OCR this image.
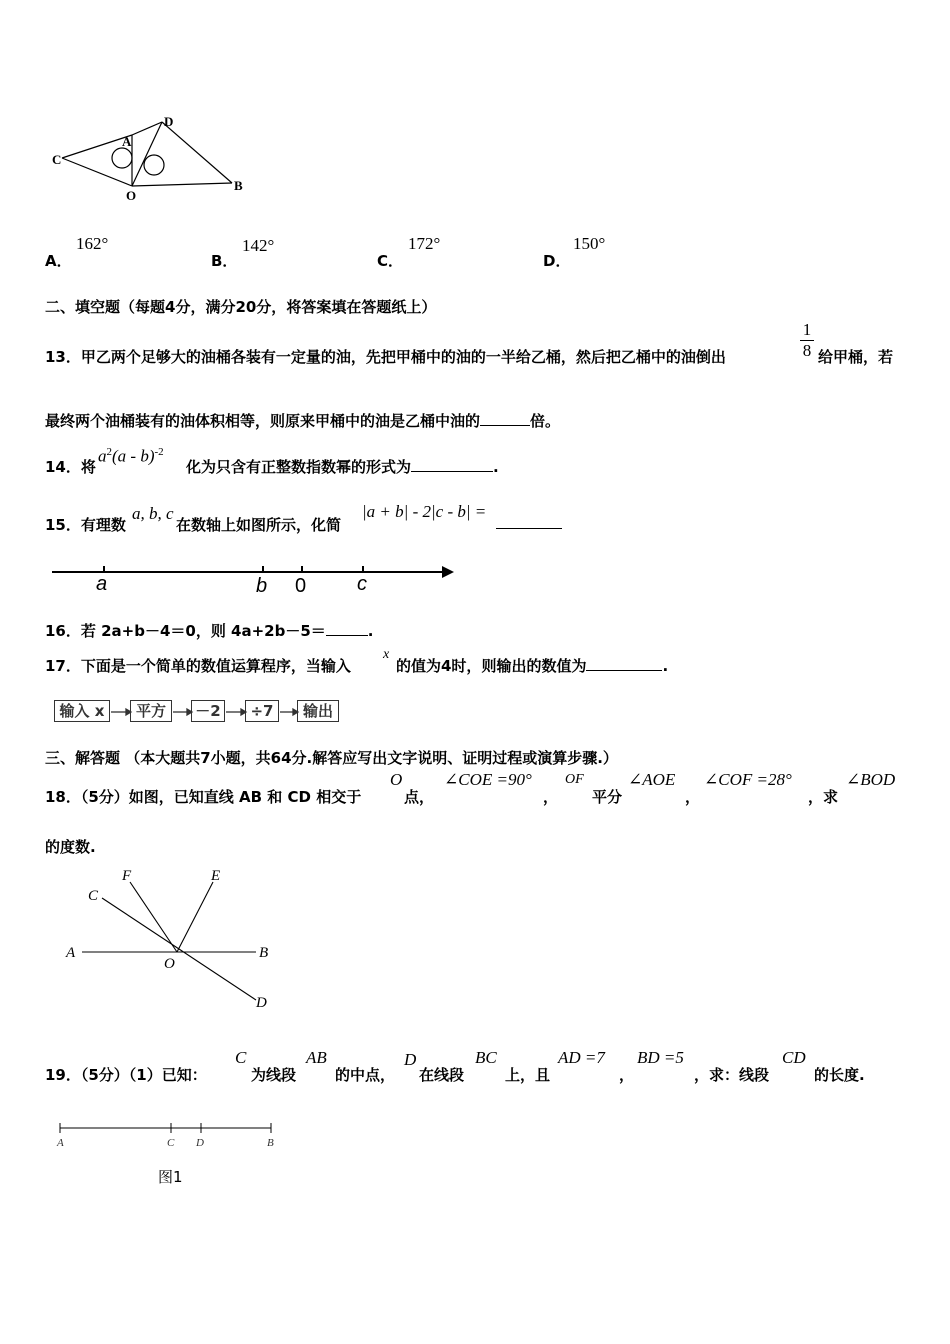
C
A
D
O
B
A．
162°
B．
142°
C．
172°
D．
150°
二、填空题（每题4分，满分20分，将答案填在答题纸上）
13．甲乙两个足够大的油桶各装有一定量的油，先把甲桶中的油的一半给乙桶，然后把乙桶中的油倒出	$\frac{1}{8}$ 给甲桶，若
最终两个油桶装有的油体积相等，则原来甲桶中的油是乙桶中油的	倍。
14．将
$a^2(a - b)^{-2}$
化为只含有正整数指数幂的形式为	.
15．有理数
a, b, c
在数轴上如图所示，化简
|a + b| - 2|c - b| =
a	b 0	c
16．若 2a+b－4＝0，则 4a+2b－5＝	.
17．下面是一个简单的数值运算程序，当输入
x
的值为4时，则输出的数值为	.
输入 x	平方	－2	÷7	输出
三、解答题 （本大题共7小题，共64分.解答应写出文字说明、证明过程或演算步骤.）
18．（5分）如图，已知直线 AB 和 CD 相交于
O
点，
∠COE =90°
，
OF
平分
∠AOE
，
∠COF =28°
，求
∠BOD
的度数.
C
F	E
A
O
B
D
19．（5分）（1）已知：
C
为线段
AB
的中点，
D
在线段
BC
上，且
AD =7
，
BD =5
，求：线段
CD
的长度.
A	C D	B
图1
